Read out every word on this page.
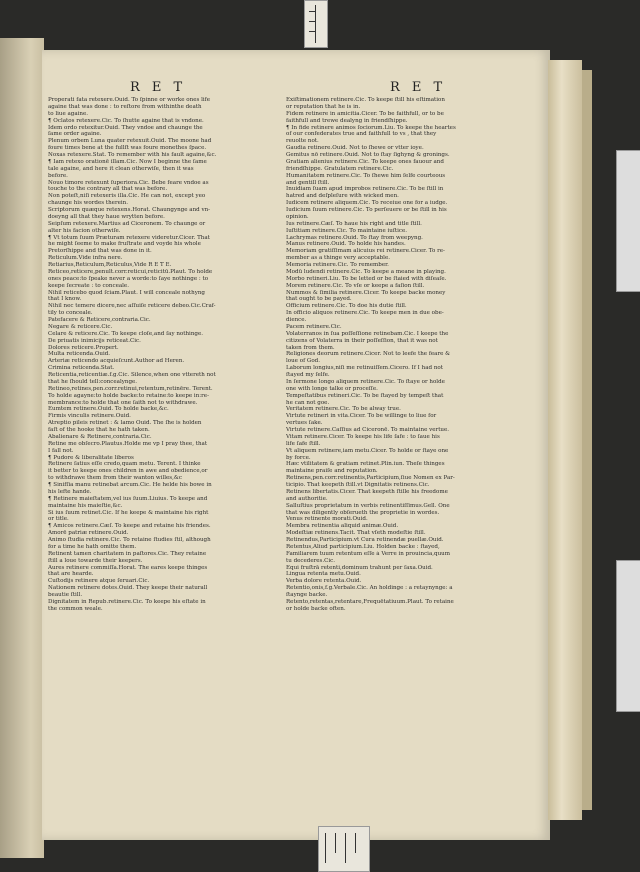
R E T	R E T
Properati fata retexere.Ouid. To ſpinne or worke ones life
againe that was done : to reſtore from withinthe death
to liue againe.
¶ Oclatos retexere.Cic. To ſhutte againe that is vndone.
Idem ordo retexitur.Ouid. They vndoe and chaunge the
ſame order againe.
Plenum orbem Luna quater retexuit.Ouid. The moone had
foure times bene at the fullſt was foure monethes ſpace.
Noxas retexere.Stat. To remember with his fault againe,&c.
¶ Iam retexo orationē illam.Cic. Now I beginne the ſame
tale againe, and here it clean otherwiſe, then it was
before.
Nouo timore retexunt ſuperiora.Cic. Bebe feare vndoe as
touche to the contrary all that was before.
Non poteſt,niſi retexeris illa.Cic. He can not, except yeo
chaunge his wordes therein.
Scriptorum quæque retexens.Horat. Chaungynge and vn-
doeyng all that they haue wrytten before.
Seipſum retexere.Martius ad Ciceronem. To chaunge or
alter his facion otherwiſe.
¶ Vt totum ſuum Præturam retexere videretur.Cicer. That
he might ſeeme to make fruſtrate and voyde his whole
Pretorſhippe and that was done in it.
Reticulum.Vide infra nere.
Retiarius,Reticulum,Reticulus,Vide R E T E.
Reticeo,reticere,penult.corr.reticui,reticitū.Plaut. To holde
ones peace:to ſpeake never a worde:to ſaye nothinge : to
keepe ſecreate : to conceale.
Nihil reticebo quod ſciam.Plaut. I will conceale nothyng
that I know.
Nihil nec temere dicere,nec aſſuiſe reticere debeo.Cic.Craf-
tily to conceale.
Patefacere & Reticere,contraria.Cic.
Negare & reticere.Cic.
Celare & reticere.Cic. To keepe cloſe,and ſay nothinge.
De priuatis inimicijs reticeat.Cic.
Dolores reticere.Propert.
Multa reticenda.Ouid.
Arteriæ reticendo acquieſcunt.Author ad Heren.
Crimina reticenda.Stat.
Reticentia,reticentiæ.f.g.Cic. Silence,when one vttereth not
that he ſhould tell:concealynge.
Retineo,retines,pen.corr.retinui,retentum,retinēre. Terent.
To holde agayne:to holde backe:to retaine:to keepe in:re-
membrance:to holde that one ſaith not to withdrawe.
Eumtem retinere.Ouid. To holde backe,&c.
Firmis vinculis retinere.Ouid.
Atreptio pileis retinet : & lamo Ouid. The ſhe is holden
faſt of the hooke that he hath taken.
Abalienare & Retinere,contraria.Cic.
Retine me obſecro.Plautus.Holde me vp I pray thee, that
I fall not.
¶ Pudore & liberalitate liberos
Retinere ſatius eſſe credo,quam metu. Terent. I thinke
it better to keepe ones children in awe and obedience,or
to withdrawe them from their wanton willes,&c
¶ Sinifſia manu retinebat arcum.Cic. He helde his bowe in
his lefte hande.
¶ Retinere maieſtatem,vel ius ſuum.Liuius. To keepe and
maintaine his maieſtie,&c.
Si ius ſuum retinet.Cic. If he keepe & maintaine his right
or title.
¶ Amicos retinere.Cæſ. To keepe and retaine his friendes.
Amorē patriæ retinere.Ouid.
Animo ſtudia retinere.Cic. To retaine ſtudies ſtil, although
for a time he hath omitte them.
Retinent tamen charitatem in paſtores.Cic. They retaine
ſtill a loue towarde their keepers.
Aures retinere commiſſa.Horat. The eares keepe thinges
that are hearde.
Cuſtodijs retinere atque ſeruari.Cic.
Nationem retinere dotes.Ouid. They keepe their naturall
beautie ſtill.
Dignitatem in Repub.retinere.Cic. To keepe his eſtate in
the common weale.
Exiſtimationem retinere.Cic. To keepe ſtill his eſtimation
or reputation that he is in.
Fidem retinere in amicitia.Cicer. To be faithfull, or to be
faithfull and trewe dealyng in friendſhippe.
¶ In fide retinere animos ſociorum.Liu. To keepe the heartes
of our confederates true and faithfull to vs , that they
reuolte not.
Gaudia retinere.Ouid. Not to ſhewe or vtter ioye.
Gemitus nō retinere.Ouid. Not to ſtay ſighyng & gronings.
Gratiam alienius retinere.Cic. To keepe ones fauour and
friendſhippe. Gratulatem retinere.Cic.
Humanitatem retinere.Cic. To ſhewe him ſelfe courteous
and gentill ſtill.
Inuidiam ſuam apud improbos retinere.Cic. To be ſtill in
hatred and deſpleſure with wicked men.
Iudicem retinere aliquem.Cic. To receiue one for a iudge.
Iudicium ſuum retinere.Cic. To perſeuere or be ſtill in his
opinion.
Ius retinere.Cæſ. To haue his right and title ſtill.
Iuſtitiam retinere.Cic. To maintaine iuſtice.
Lachrymas retinere.Ouid. To ſtay from weepyng.
Manus retinere.Ouid. To holde his handes.
Memoriam gratiſſimam alicuius rei retinere.Cicer. To re-
member as a thinge very acceptable.
Memoria retinere.Cic. To remember.
Modū ludendi retinere.Cic. To keepe a meane in playing.
Morbo retineri.Liu. To be letted or be ſtaied with diſeaſe.
Morem retinere.Cic. To vſe or keepe a faſion ſtill.
Nummos & ſimilia retinere.Cicer. To keepe backe money
that ought to be payed.
Officium retinere.Cic. To doe his dutie ſtill.
In officio aliquos retinere.Cic. To keepe men in due obe-
dience.
Pacem retinere.Cic.
Volaterranos in ſua poſſeſſione retinebam.Cic. I keepe the
citizens of Volaterra in their poſſeſſion, that it was not
taken from them.
Religiones deorum retinere.Cicer. Not to leefe the feare &
loue of God.
Laborum longius,niſi me retinuiſſem.Cicero. If I had not
ſtayed my ſelfe.
In ſermone longo aliquem retinere.Cic. To ſtaye or holde
one with longe talke or proceſſe.
Tempeſtatibus retineri.Cic. To be ſtayed by tempeſt that
he can not goe.
Veritatem retinere.Cic. To be alway true.
Virtute retineri in vita.Cicer. To be willinge to liue for
vertues ſake.
Virtute retinere.Caſſius ad Ciceronē. To maintaine vertue.
Vitam retinere.Cicer. To keepe his life ſafe : to ſaue his
life ſafe ſtill.
Vt aliquem retinere,iam metu.Cicer. To holde or ſtaye one
by force.
Hæc vtilitatem & gratiam retinet.Plin.iun. Theſe thinges
maintaine praiſe and reputation.
Retinens,pen.corr.retinentis,Participium,ſiue Nomen ex Par-
ticipio. That keepeth ſtill.vt Dignitatis retinens.Cic.
Retinens libertatis.Cicer. That keepeth ſtille his freedome
and authoritie.
Salluſtius proprietatum in verbis retinentiſſimus.Gell. One
that was diligently obſerueth the proprietie in wordes.
Venus retinente morati.Ouid.
Membra retinentia aliquid animæ.Ouid.
Modeſtiæ retinens.Tacit. That vſeth modeſtie ſtill.
Retinendus,Participium.vt Cura retinendæ puellæ.Ouid.
Retentus,Aliud participium.Liu. Holden backe : ſtayed,
Familiarem tuum retentum eſſe à Verre in prouincia,quum
tu decederes.Cic.
Equi fruſtrā retenti,dominum trahunt per ſaxa.Ouid.
Lingua retenta metu.Ouid.
Verba dolore retenta.Ouid.
Retentio,onis,f.g.Verbale.Cic. An holdinge : a retaynynge: a
ſtaynge backe.
Retento,retentas,retentare,Frequētatiuum.Plaut. To retaine
or holde backe often.
